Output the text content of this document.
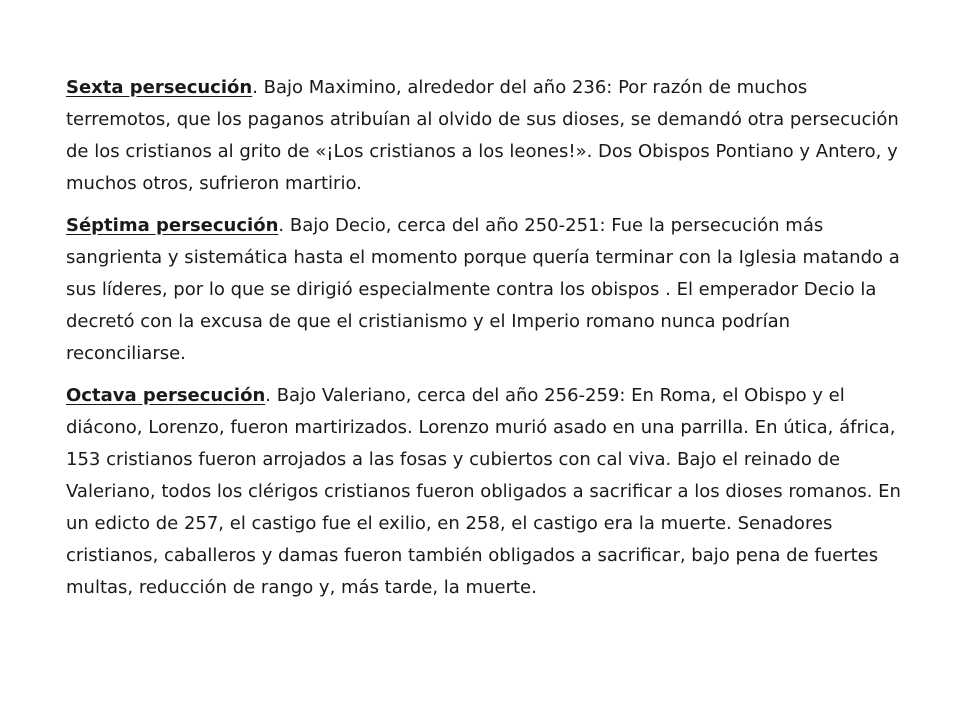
Sexta persecución. Bajo Maximino, alrededor del año 236: Por razón de muchos terremotos, que los paganos atribuían al olvido de sus dioses, se demandó otra persecución de los cristianos al grito de «¡Los cristianos a los leones!». Dos Obispos Pontiano y Antero, y muchos otros, sufrieron martirio.

Séptima persecución. Bajo Decio, cerca del año 250-251: Fue la persecución más sangrienta y sistemática hasta el momento porque quería terminar con la Iglesia matando a sus líderes, por lo que se dirigió especialmente contra los obispos . El emperador Decio la decretó con la excusa de que el cristianismo y el Imperio romano nunca podrían reconciliarse.

Octava persecución. Bajo Valeriano, cerca del año 256-259: En Roma, el Obispo y el diácono, Lorenzo, fueron martirizados. Lorenzo murió asado en una parrilla. En útica, áfrica, 153 cristianos fueron arrojados a las fosas y cubiertos con cal viva. Bajo el reinado de Valeriano, todos los clérigos cristianos fueron obligados a sacrificar a los dioses romanos. En un edicto de 257, el castigo fue el exilio, en 258, el castigo era la muerte. Senadores cristianos, caballeros y damas fueron también obligados a sacrificar, bajo pena de fuertes multas, reducción de rango y, más tarde, la muerte.
